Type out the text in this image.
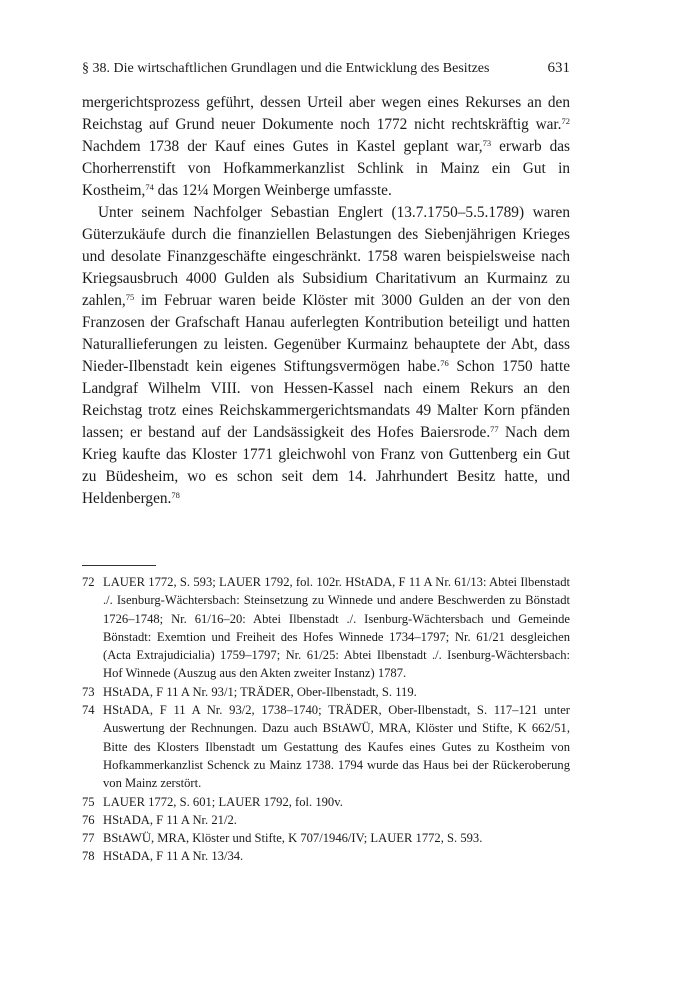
§ 38. Die wirtschaftlichen Grundlagen und die Entwicklung des Besitzes	631

mergerichtsprozess geführt, dessen Urteil aber wegen eines Rekurses an den Reichstag auf Grund neuer Dokumente noch 1772 nicht rechtskräftig war.$^{72}$ Nachdem 1738 der Kauf eines Gutes in Kastel geplant war,$^{73}$ erwarb das Chorherrenstift von Hofkammerkanzlist Schlink in Mainz ein Gut in Kostheim,$^{74}$ das 12¼ Morgen Weinberge umfasste.

Unter seinem Nachfolger Sebastian Englert (13.7.1750–5.5.1789) waren Güterzukäufe durch die finanziellen Belastungen des Siebenjährigen Krieges und desolate Finanzgeschäfte eingeschränkt. 1758 waren beispielsweise nach Kriegsausbruch 4000 Gulden als Subsidium Charitativum an Kurmainz zu zahlen,$^{75}$ im Februar waren beide Klöster mit 3000 Gulden an der von den Franzosen der Grafschaft Hanau auferlegten Kontribution beteiligt und hatten Naturallieferungen zu leisten. Gegenüber Kurmainz behauptete der Abt, dass Nieder-Ilbenstadt kein eigenes Stiftungsvermögen habe.$^{76}$ Schon 1750 hatte Landgraf Wilhelm VIII. von Hessen-Kassel nach einem Rekurs an den Reichstag trotz eines Reichskammergerichtsmandats 49 Malter Korn pfänden lassen; er bestand auf der Landsässigkeit des Hofes Baiersrode.$^{77}$ Nach dem Krieg kaufte das Kloster 1771 gleichwohl von Franz von Guttenberg ein Gut zu Büdesheim, wo es schon seit dem 14. Jahrhundert Besitz hatte, und Heldenbergen.$^{78}$

72 LAUER 1772, S. 593; LAUER 1792, fol. 102r. HStADA, F 11 A Nr. 61/13: Abtei Ilbenstadt ./. Isenburg-Wächtersbach: Steinsetzung zu Winnede und andere Beschwerden zu Bönstadt 1726–1748; Nr. 61/16–20: Abtei Ilbenstadt ./. Isenburg-Wächtersbach und Gemeinde Bönstadt: Exemtion und Freiheit des Hofes Winnede 1734–1797; Nr. 61/21 desgleichen (Acta Extrajudicialia) 1759–1797; Nr. 61/25: Abtei Ilbenstadt ./. Isenburg-Wächtersbach: Hof Winnede (Auszug aus den Akten zweiter Instanz) 1787.
73 HStADA, F 11 A Nr. 93/1; TRÄDER, Ober-Ilbenstadt, S. 119.
74 HStADA, F 11 A Nr. 93/2, 1738–1740; TRÄDER, Ober-Ilbenstadt, S. 117–121 unter Auswertung der Rechnungen. Dazu auch BStAWÜ, MRA, Klöster und Stifte, K 662/51, Bitte des Klosters Ilbenstadt um Gestattung des Kaufes eines Gutes zu Kostheim von Hofkammerkanzlist Schenck zu Mainz 1738. 1794 wurde das Haus bei der Rückeroberung von Mainz zerstört.
75 LAUER 1772, S. 601; LAUER 1792, fol. 190v.
76 HStADA, F 11 A Nr. 21/2.
77 BStAWÜ, MRA, Klöster und Stifte, K 707/1946/IV; LAUER 1772, S. 593.
78 HStADA, F 11 A Nr. 13/34.
